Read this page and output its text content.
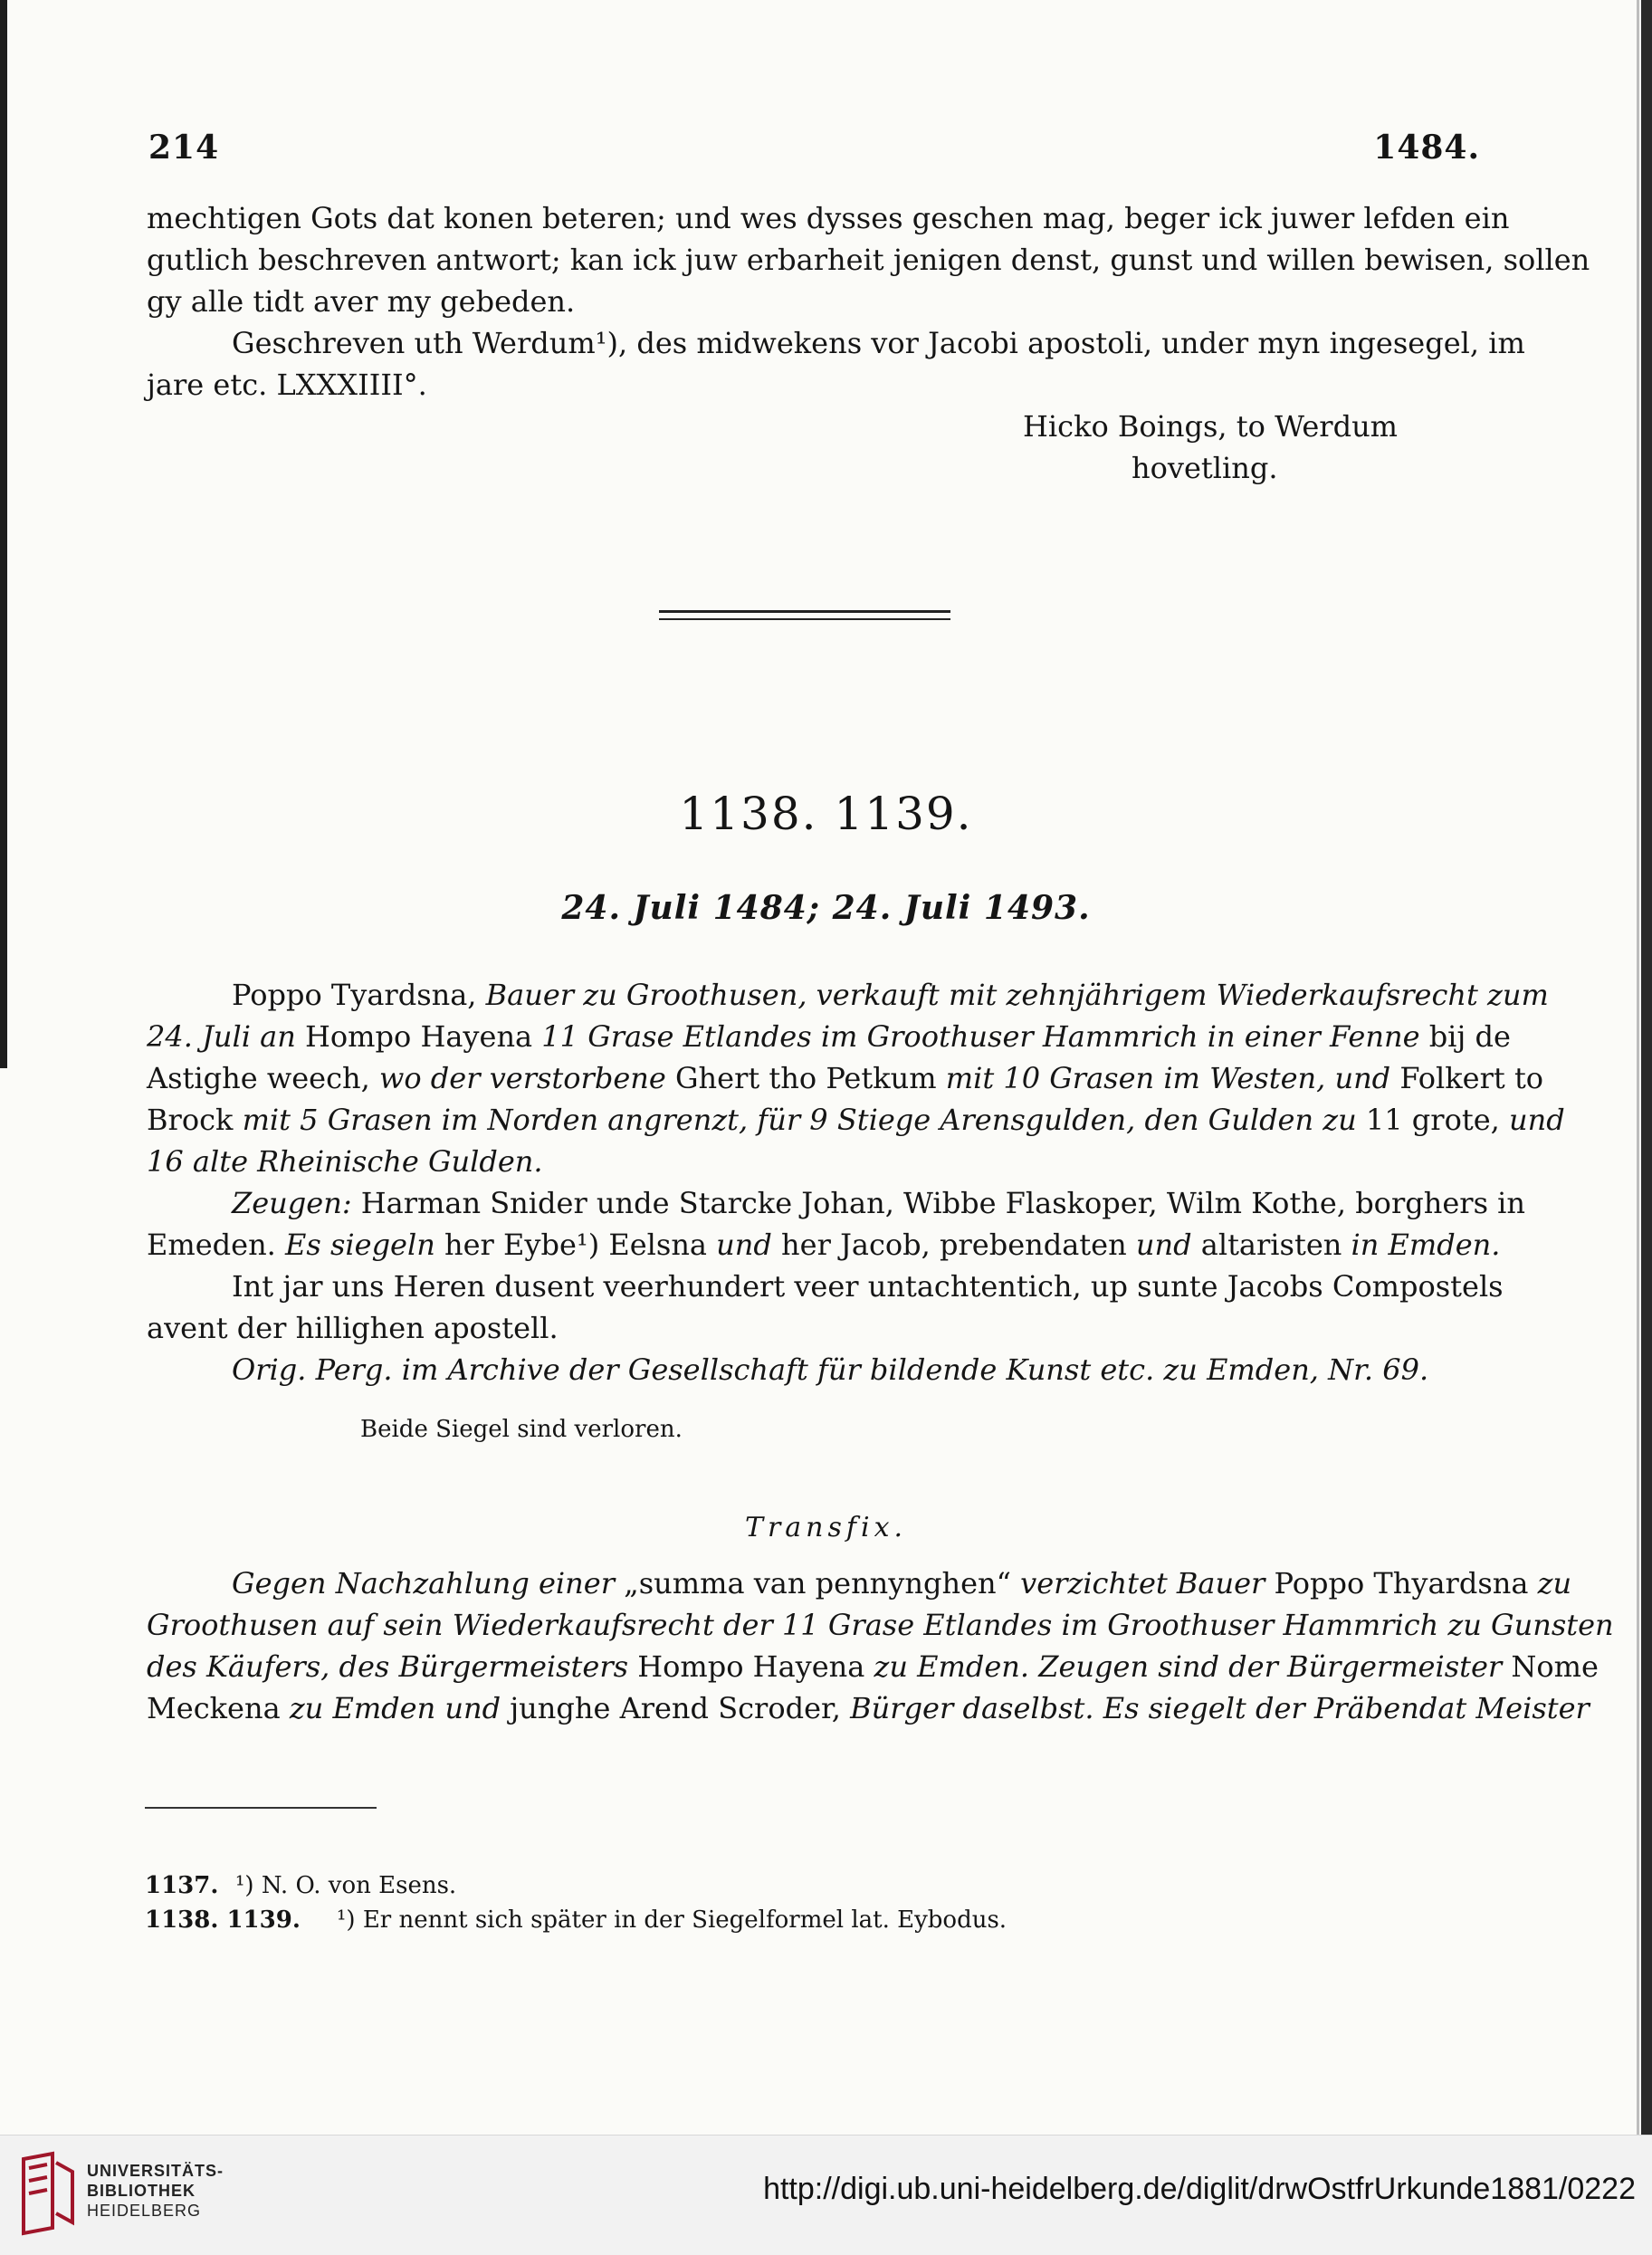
214	1484.
mechtigen Gots dat konen beteren; und wes dysses geschen mag, beger ick juwer lefden ein
gutlich beschreven antwort; kan ick juw erbarheit jenigen denst, gunst und willen bewisen, sollen
gy alle tidt aver my gebeden.
Geschreven uth Werdum¹), des midwekens vor Jacobi apostoli, under myn ingesegel, im
jare etc. LXXXIIII°.
Hicko Boings, to Werdum
hovetling.
1138. 1139.
24. Juli 1484; 24. Juli 1493.
Poppo Tyardsna, Bauer zu Groothusen, verkauft mit zehnjährigem Wiederkaufsrecht zum
24. Juli an Hompo Hayena 11 Grase Etlandes im Groothuser Hammrich in einer Fenne bij de
Astighe weech, wo der verstorbene Ghert tho Petkum mit 10 Grasen im Westen, und Folkert to
Brock mit 5 Grasen im Norden angrenzt, für 9 Stiege Arensgulden, den Gulden zu 11 grote, und
16 alte Rheinische Gulden.
Zeugen: Harman Snider unde Starcke Johan, Wibbe Flaskoper, Wilm Kothe, borghers in
Emeden. Es siegeln her Eybe¹) Eelsna und her Jacob, prebendaten und altaristen in Emden.
Int jar uns Heren dusent veerhundert veer untachtentich, up sunte Jacobs Compostels
avent der hillighen apostell.
Orig. Perg. im Archive der Gesellschaft für bildende Kunst etc. zu Emden, Nr. 69.
Beide Siegel sind verloren.
Transfix.
Gegen Nachzahlung einer „summa van pennynghen“ verzichtet Bauer Poppo Thyardsna zu
Groothusen auf sein Wiederkaufsrecht der 11 Grase Etlandes im Groothuser Hammrich zu Gunsten
des Käufers, des Bürgermeisters Hompo Hayena zu Emden. Zeugen sind der Bürgermeister Nome
Meckena zu Emden und junghe Arend Scroder, Bürger daselbst. Es siegelt der Präbendat Meister
1137. ¹) N. O. von Esens.
1138. 1139. ¹) Er nennt sich später in der Siegelformel lat. Eybodus.
UNIVERSITÄTS-
BIBLIOTHEK
HEIDELBERG
http://digi.ub.uni-heidelberg.de/diglit/drwOstfrUrkunde1881/0222
